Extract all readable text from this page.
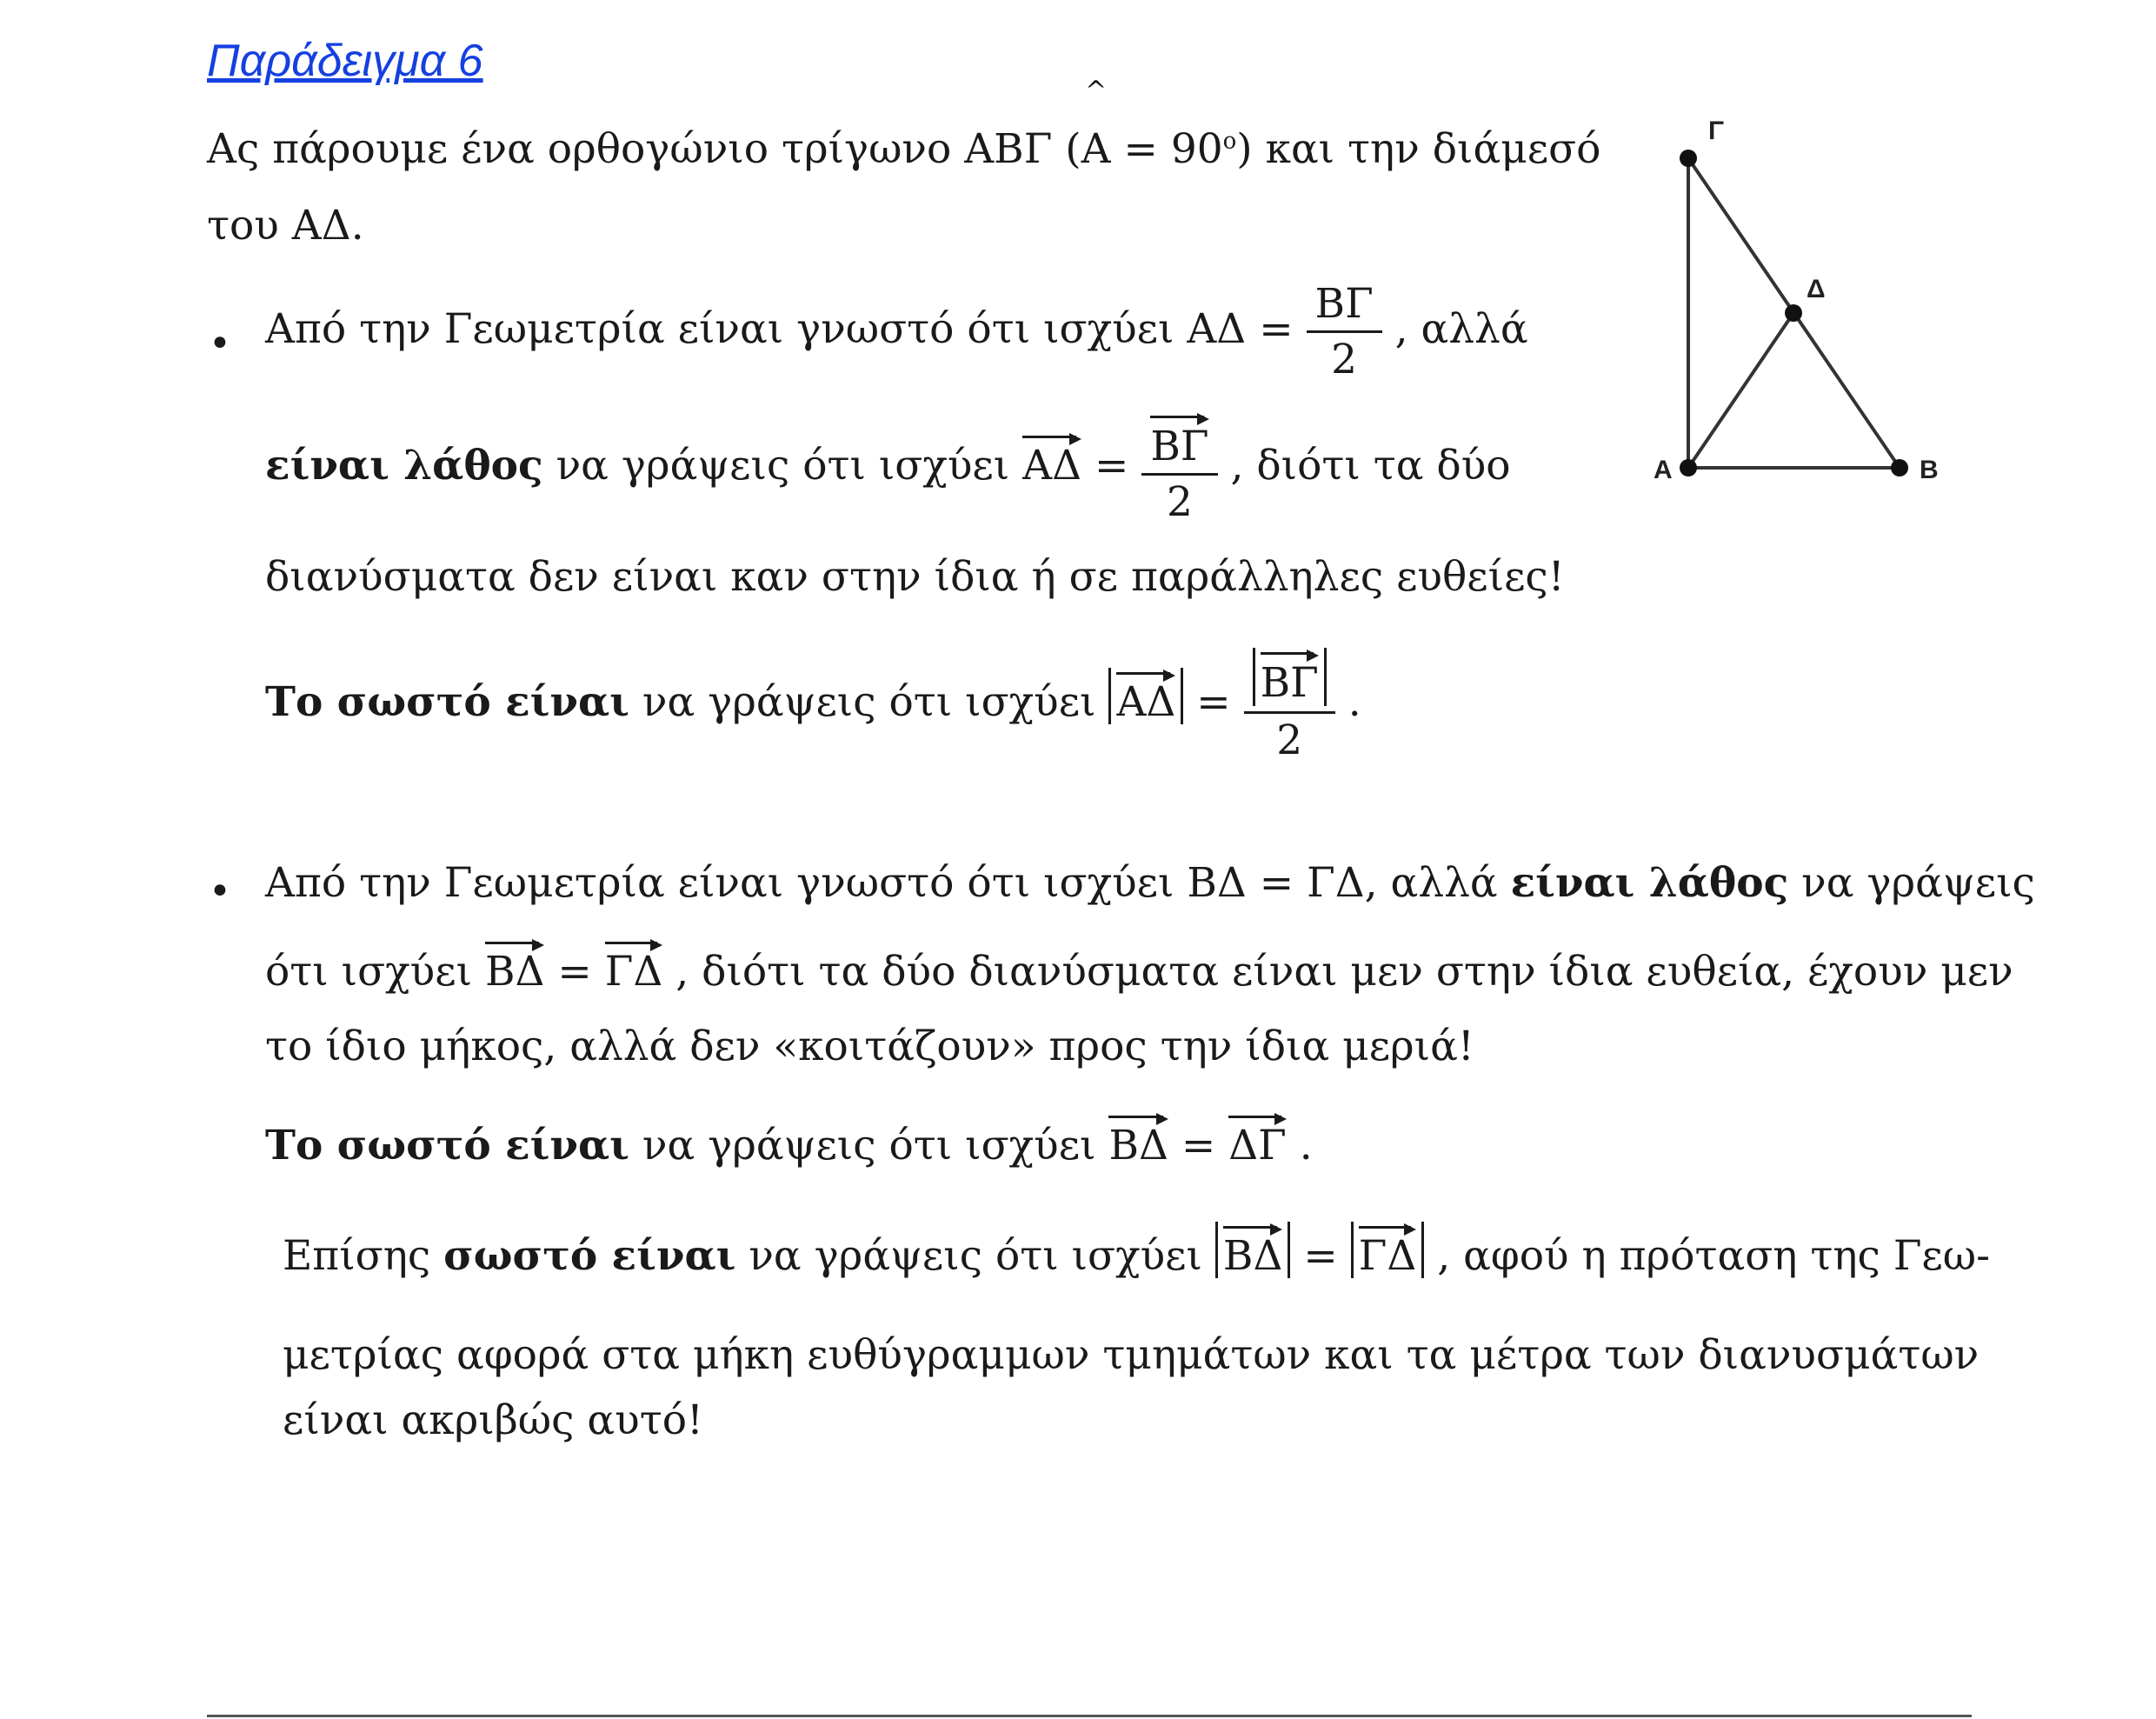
Παράδειγμα 6
Ας πάρουμε ένα ορθογώνιο τρίγωνο ΑΒΓ (
^
$A = 90^o$) και την διάμεσό
του ΑΔ.
• Από την Γεωμετρία είναι γνωστό ότι ισχύει $A\Delta = \frac{B\Gamma}{2}$ , αλλά
είναι λάθος να γράψεις ότι ισχύει $A\Delta = \frac{B\Gamma}{2}$ , διότι τα δύο
διανύσματα δεν είναι καν στην ίδια ή σε παράλληλες ευθείες!
Το σωστό είναι να γράψεις ότι ισχύει $A\Delta = \frac{B\Gamma}{2}$ .
• Από την Γεωμετρία είναι γνωστό ότι ισχύει ΒΔ = ΓΔ, αλλά είναι λάθος να γράψεις
ότι ισχύει ΒΔ = ΓΔ , διότι τα δύο διανύσματα είναι μεν στην ίδια ευθεία, έχουν μεν
το ίδιο μήκος, αλλά δεν «κοιτάζουν» προς την ίδια μεριά!
Το σωστό είναι να γράψεις ότι ισχύει ΒΔ = ΔΓ .
Επίσης σωστό είναι να γράψεις ότι ισχύει ΒΔ = ΓΔ , αφού η πρόταση της Γεω-
μετρίας αφορά στα μήκη ευθύγραμμων τμημάτων και τα μέτρα των διανυσμάτων
είναι ακριβώς αυτό!
Γ
Δ
Α	Β
